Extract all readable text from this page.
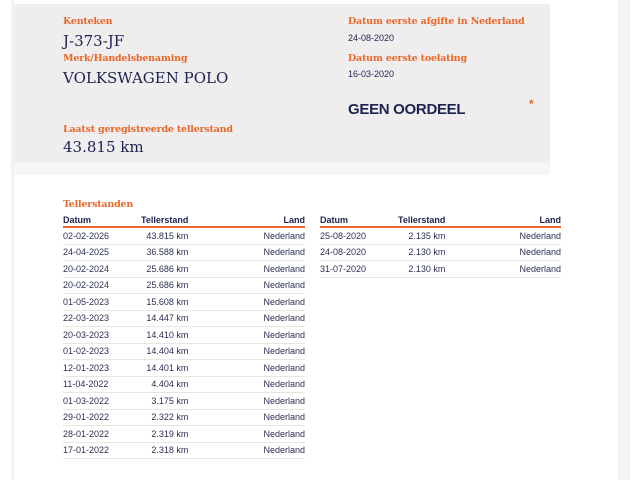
Kenteken
J-373-JF
Merk/Handelsbenaming
VOLKSWAGEN POLO
Laatst geregistreerde tellerstand
43.815 km
Datum eerste afgifte in Nederland
24-08-2020
Datum eerste toelating
16-03-2020
GEEN OORDEEL	*
Tellerstanden
Datum	Tellerstand	Land
02-02-2026	43.815 km	Nederland
24-04-2025	36.588 km	Nederland
20-02-2024	25.686 km	Nederland
20-02-2024	25.686 km	Nederland
01-05-2023	15.608 km	Nederland
22-03-2023	14.447 km	Nederland
20-03-2023	14.410 km	Nederland
01-02-2023	14.404 km	Nederland
12-01-2023	14.401 km	Nederland
11-04-2022	4.404 km	Nederland
01-03-2022	3.175 km	Nederland
29-01-2022	2.322 km	Nederland
28-01-2022	2.319 km	Nederland
17-01-2022	2.318 km	Nederland
Datum	Tellerstand	Land
25-08-2020	2.135 km	Nederland
24-08-2020	2.130 km	Nederland
31-07-2020	2.130 km	Nederland
